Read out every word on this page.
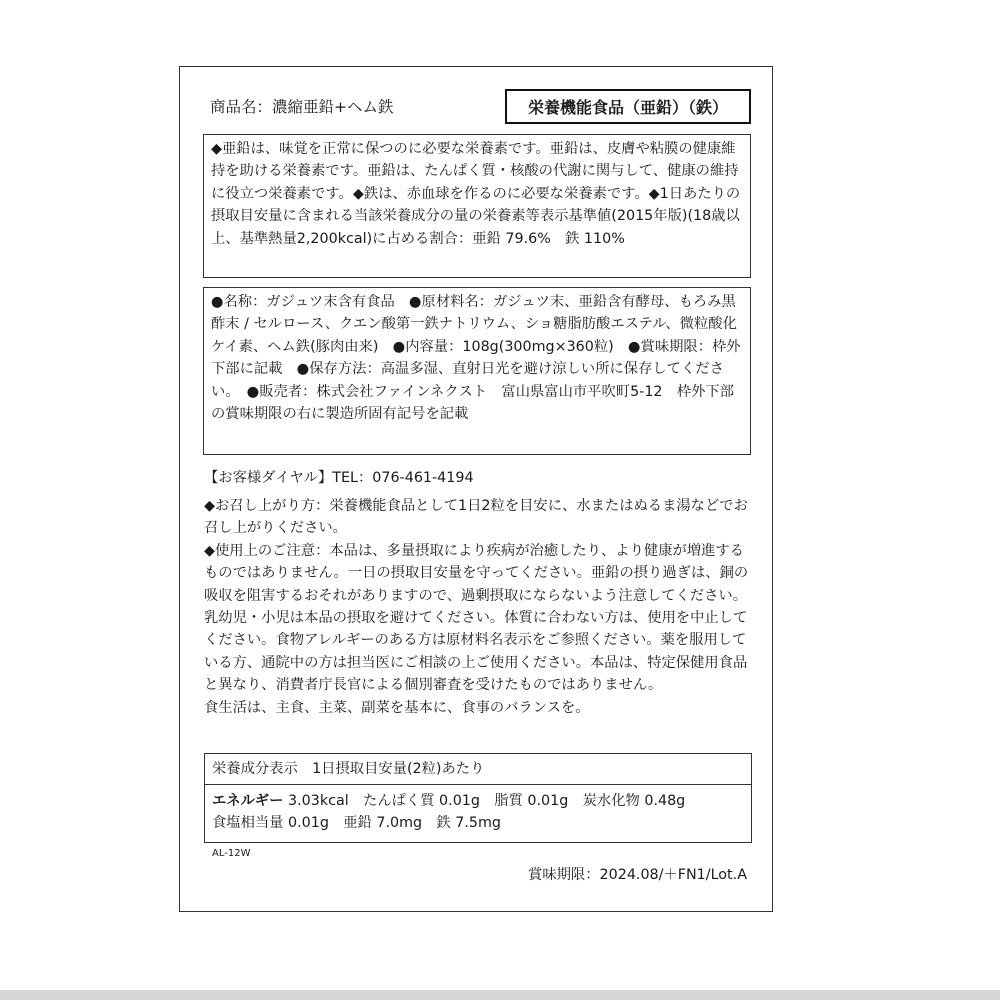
商品名：濃縮亜鉛+ヘム鉄	栄養機能食品（亜鉛）（鉄）

◆亜鉛は、味覚を正常に保つのに必要な栄養素です。亜鉛は、皮膚や粘膜の健康維持を助ける栄養素です。亜鉛は、たんぱく質・核酸の代謝に関与して、健康の維持に役立つ栄養素です。◆鉄は、赤血球を作るのに必要な栄養素です。◆1日あたりの摂取目安量に含まれる当該栄養成分の量の栄養素等表示基準値(2015年版)(18歳以上、基準熱量2,200kcal)に占める割合：亜鉛 79.6%　鉄 110%

●名称：ガジュツ末含有食品　●原材料名：ガジュツ末、亜鉛含有酵母、もろみ黒酢末 / セルロース、クエン酸第一鉄ナトリウム、ショ糖脂肪酸エステル、微粒酸化ケイ素、ヘム鉄(豚肉由来)　●内容量：108g(300mg×360粒)　●賞味期限：枠外下部に記載　●保存方法：高温多湿、直射日光を避け涼しい所に保存してください。　●販売者：株式会社ファインネクスト　富山県富山市平吹町5-12　枠外下部の賞味期限の右に製造所固有記号を記載

【お客様ダイヤル】TEL：076-461-4194

◆お召し上がり方：栄養機能食品として1日2粒を目安に、水またはぬるま湯などでお召し上がりください。

◆使用上のご注意：本品は、多量摂取により疾病が治癒したり、より健康が増進するものではありません。一日の摂取目安量を守ってください。亜鉛の摂り過ぎは、銅の吸収を阻害するおそれがありますので、過剰摂取にならないよう注意してください。乳幼児・小児は本品の摂取を避けてください。体質に合わない方は、使用を中止してください。食物アレルギーのある方は原材料名表示をご参照ください。薬を服用している方、通院中の方は担当医にご相談の上ご使用ください。本品は、特定保健用食品と異なり、消費者庁長官による個別審査を受けたものではありません。

食生活は、主食、主菜、副菜を基本に、食事のバランスを。

栄養成分表示　1日摂取目安量(2粒)あたり

エネルギー 3.03kcal　たんぱく質 0.01g　脂質 0.01g　炭水化物 0.48g

食塩相当量 0.01g　亜鉛 7.0mg　鉄 7.5mg

AL-12W
賞味期限：2024.08/＋FN1/Lot.A
